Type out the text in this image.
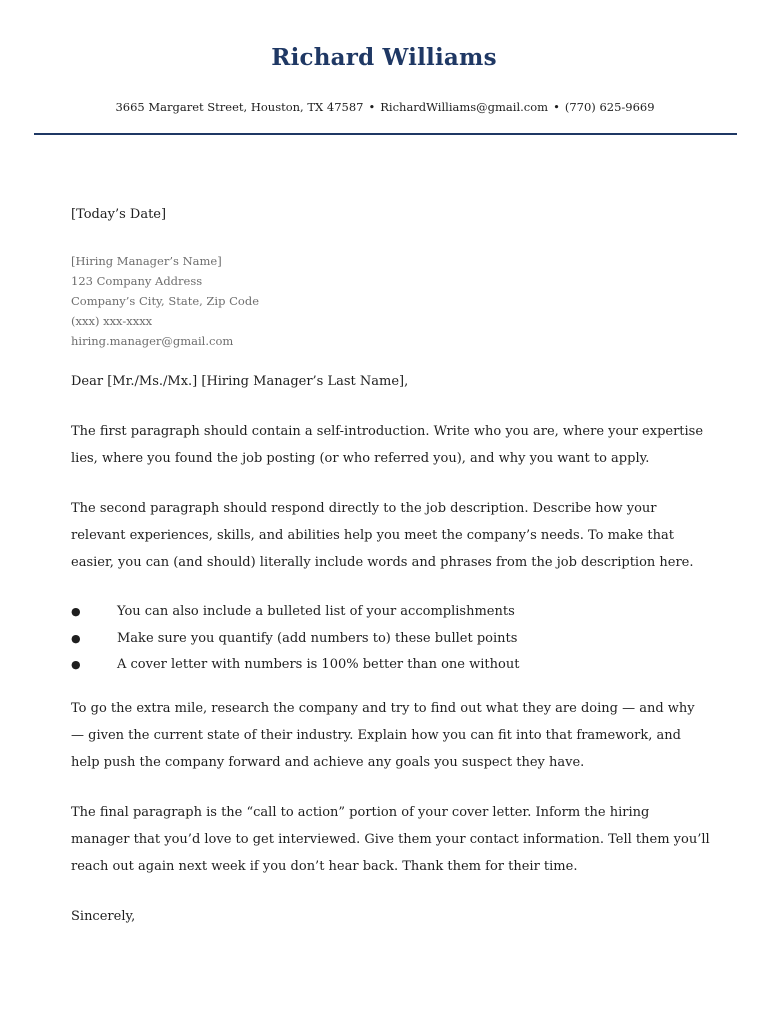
Richard Williams
3665 Margaret Street, Houston, TX 47587 • RichardWilliams@gmail.com • (770) 625-9669
[Today’s Date]
[Hiring Manager’s Name]
123 Company Address
Company’s City, State, Zip Code
(xxx) xxx-xxxx
hiring.manager@gmail.com
Dear [Mr./Ms./Mx.] [Hiring Manager’s Last Name],

The first paragraph should contain a self-introduction. Write who you are, where your expertise lies, where you found the job posting (or who referred you), and why you want to apply.

The second paragraph should respond directly to the job description. Describe how your relevant experiences, skills, and abilities help you meet the company’s needs. To make that easier, you can (and should) literally include words and phrases from the job description here.

●	You can also include a bulleted list of your accomplishments
●	Make sure you quantify (add numbers to) these bullet points
●	A cover letter with numbers is 100% better than one without

To go the extra mile, research the company and try to find out what they are doing — and why — given the current state of their industry. Explain how you can fit into that framework, and help push the company forward and achieve any goals you suspect they have.

The final paragraph is the “call to action” portion of your cover letter. Inform the hiring manager that you’d love to get interviewed. Give them your contact information. Tell them you’ll reach out again next week if you don’t hear back. Thank them for their time.

Sincerely,
